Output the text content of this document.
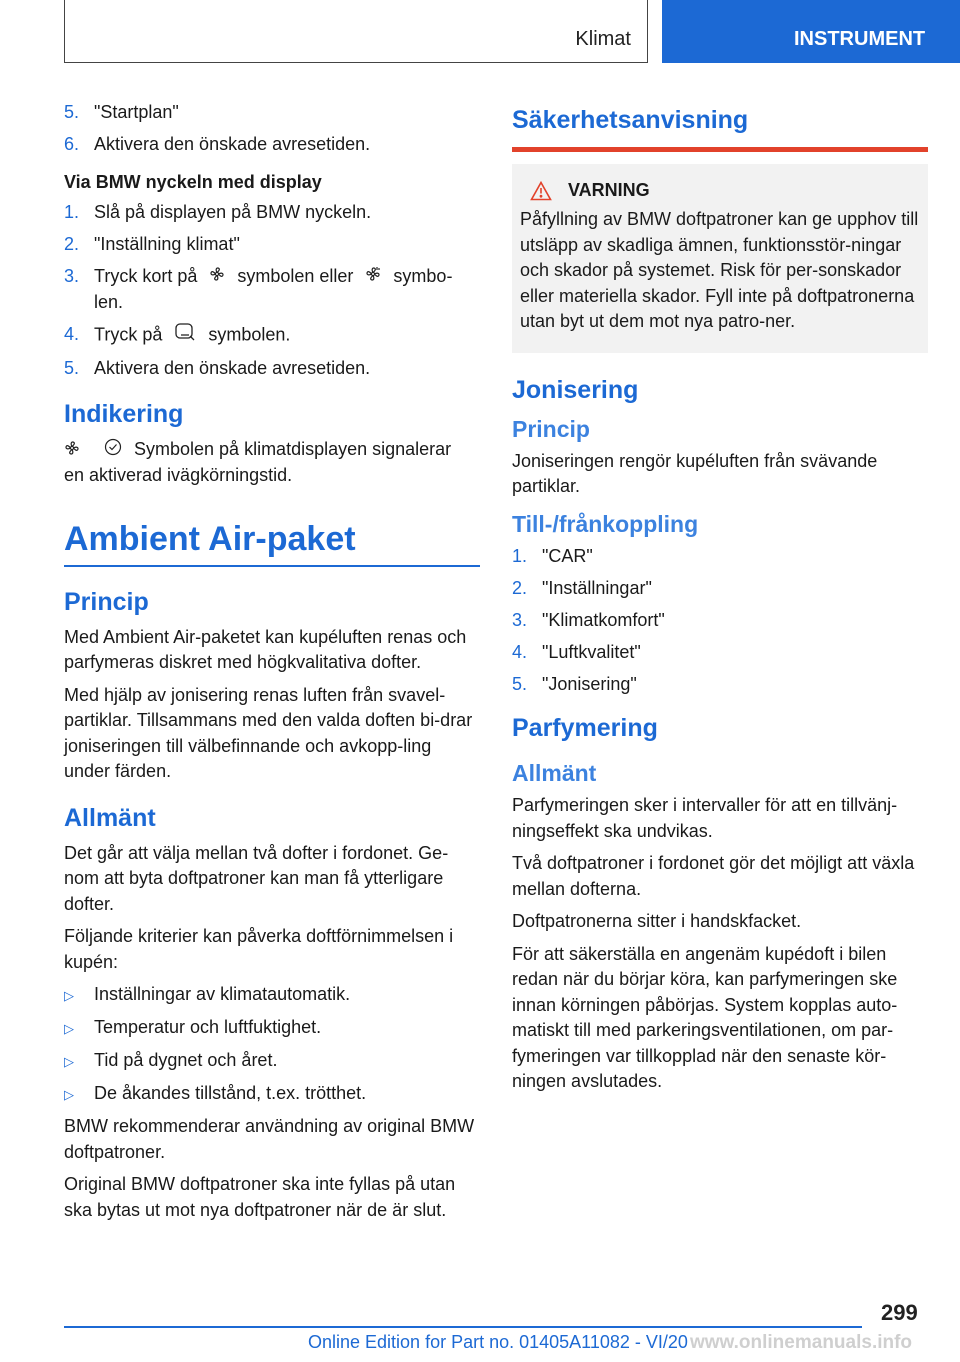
Klimat	INSTRUMENT
5. "Startplan"
6. Aktivera den önskade avresetiden.
Via BMW nyckeln med display
1. Slå på displayen på BMW nyckeln.
2. "Inställning klimat"
3. Tryck kort på symbolen eller symbo-
len.
4. Tryck på	symbolen.
5. Aktivera den önskade avresetiden.
Indikering
Symbolen på klimatdisplayen signalerar
en aktiverad ivägkörningstid.
Ambient Air-paket
Princip

Med Ambient Air-paketet kan kupéluften renas och parfymeras diskret med högkvalitativa dofter.

Med hjälp av jonisering renas luften från svavel-partiklar. Tillsammans med den valda doften bi-drar joniseringen till välbefinnande och avkopp-ling under färden.

Allmänt

Det går att välja mellan två dofter i fordonet. Ge-nom att byta doftpatroner kan man få ytterligare dofter.

Följande kriterier kan påverka doftförnimmelsen i kupén:

▷	Inställningar av klimatautomatik.
▷	Temperatur och luftfuktighet.
▷	Tid på dygnet och året.
▷	De åkandes tillstånd, t.ex. trötthet.

BMW rekommenderar användning av original BMW doftpatroner.

Original BMW doftpatroner ska inte fyllas på utan ska bytas ut mot nya doftpatroner när de är slut.

Säkerhetsanvisning
VARNING

Påfyllning av BMW doftpatroner kan ge upphov till utsläpp av skadliga ämnen, funktionsstör-ningar och skador på systemet. Risk för per-sonskador eller materiella skador. Fyll inte på doftpatronerna utan byt ut dem mot nya patro-ner.

Jonisering
Princip

Joniseringen rengör kupéluften från svävande partiklar.

Till-/frånkoppling
1. "CAR"
2. "Inställningar"
3. "Klimatkomfort"
4. "Luftkvalitet"
5. "Jonisering"
Parfymering
Allmänt

Parfymeringen sker i intervaller för att en tillvänj-ningseffekt ska undvikas.

Två doftpatroner i fordonet gör det möjligt att växla mellan dofterna.

Doftpatronerna sitter i handskfacket.

För att säkerställa en angenäm kupédoft i bilen redan när du börjar köra, kan parfymeringen ske innan körningen påbörjas. System kopplas auto-matiskt till med parkeringsventilationen, om par-fymeringen var tillkopplad när den senaste kör-ningen avslutades.

299
Online Edition for Part no. 01405A11082 - VI/20 www.onlinemanuals.info
